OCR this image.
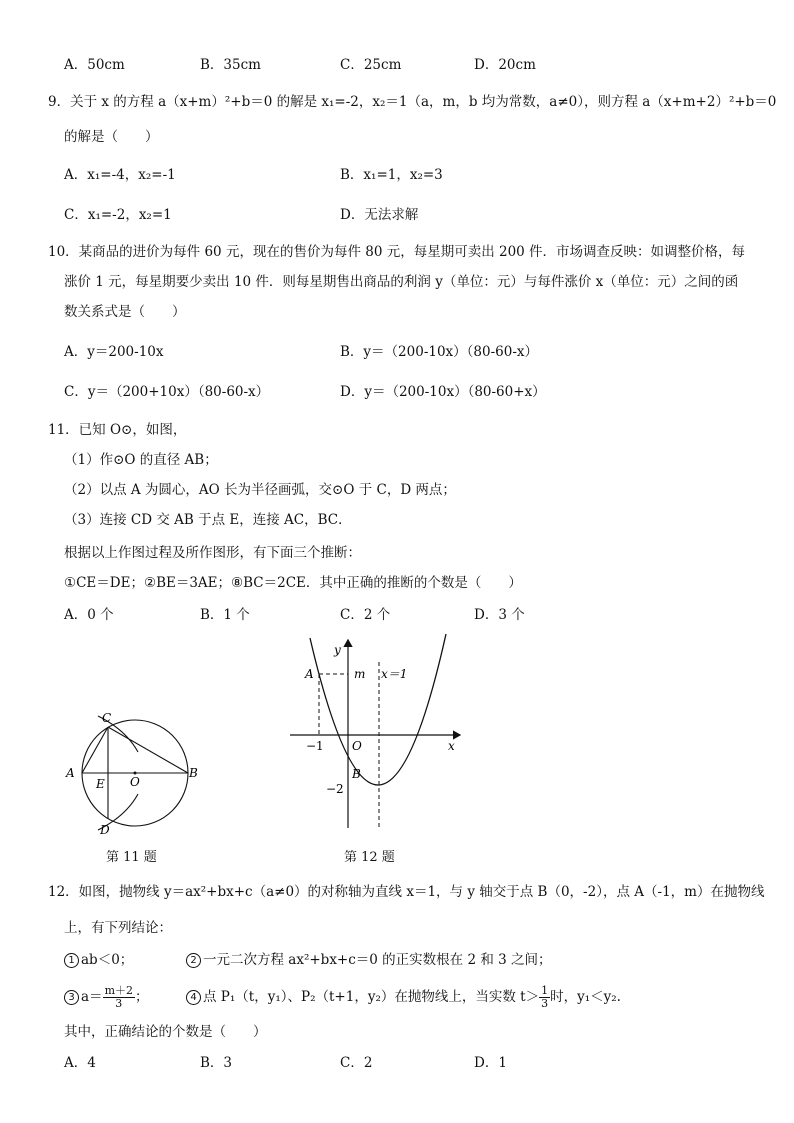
A．50cm	B．35cm	C．25cm	D．20cm
9．关于 x 的方程 a（x+m）²+b＝0 的解是 x₁=-2，x₂＝1（a，m，b 均为常数，a≠0），则方程 a（x+m+2）²+b＝0
的解是（　　）
A．x₁=-4，x₂=-1	B．x₁=1，x₂=3
C．x₁=-2，x₂=1	D．无法求解
10．某商品的进价为每件 60 元，现在的售价为每件 80 元，每星期可卖出 200 件．市场调查反映：如调整价格，每
涨价 1 元，每星期要少卖出 10 件．则每星期售出商品的利润 y（单位：元）与每件涨价 x（单位：元）之间的函
数关系式是（　　）
A．y＝200-10x	B．y＝（200-10x）（80-60-x）
C．y＝（200+10x）（80-60-x）	D．y＝（200-10x）（80-60+x）
11．已知 O⊙，如图，
（1）作⊙O 的直径 AB；
（2）以点 A 为圆心，AO 长为半径画弧，交⊙O 于 C，D 两点；
（3）连接 CD 交 AB 于点 E，连接 AC，BC．
根据以上作图过程及所作图形，有下面三个推断：
①CE＝DE；②BE＝3AE；⑧BC＝2CE．其中正确的推断的个数是（　　）
A．0 个	B．1 个	C．2 个	D．3 个
C
A
E O
B
D
第 11 题
y
A	m x＝1
−1 O	x
B
−2
第 12 题
12．如图，抛物线 y＝ax²+bx+c（a≠0）的对称轴为直线 x＝1，与 y 轴交于点 B（0，-2），点 A（-1，m）在抛物线
上，有下列结论：
1 ab＜0；	2 一元二次方程 ax²+bx+c＝0 的正实数根在 2 和 3 之间；
3 $a= \frac{m+2}{3}$ ；	4 点 P₁（t，y₁）、P₂（t+1，y₂）在抛物线上，当实数 $t> \frac{1}{3}$ 时，y₁＜y₂.
其中，正确结论的个数是（　　）
A．4	B．3	C．2	D．1
